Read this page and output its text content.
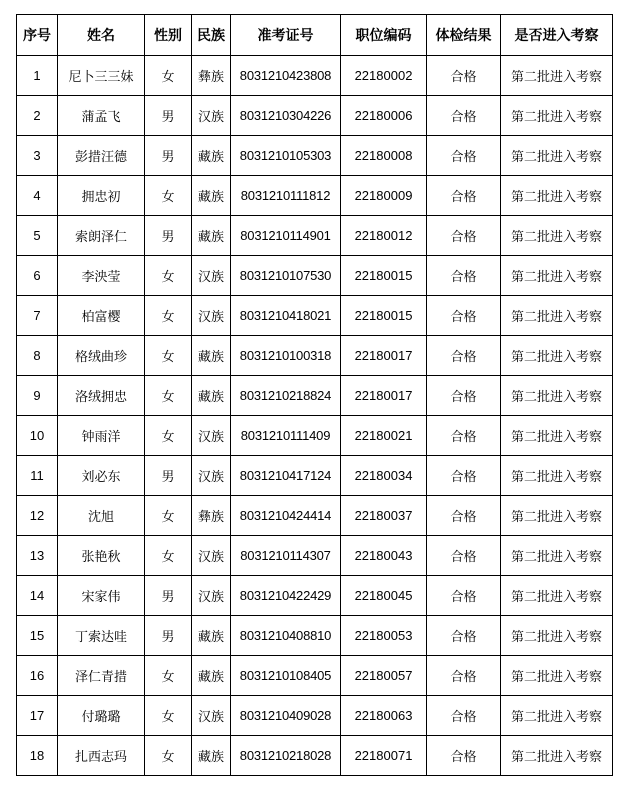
序号	姓名	性别	民族	准考证号	职位编码	体检结果	是否进入考察
1	尼卜三三妹	女	彝族	8031210423808	22180002	合格	第二批进入考察
2	蒲孟飞	男	汉族	8031210304226	22180006	合格	第二批进入考察
3	彭措汪德	男	藏族	8031210105303	22180008	合格	第二批进入考察
4	拥忠初	女	藏族	8031210111812	22180009	合格	第二批进入考察
5	索朗泽仁	男	藏族	8031210114901	22180012	合格	第二批进入考察
6	李泱莹	女	汉族	8031210107530	22180015	合格	第二批进入考察
7	柏富樱	女	汉族	8031210418021	22180015	合格	第二批进入考察
8	格绒曲珍	女	藏族	8031210100318	22180017	合格	第二批进入考察
9	洛绒拥忠	女	藏族	8031210218824	22180017	合格	第二批进入考察
10	钟雨洋	女	汉族	8031210111409	22180021	合格	第二批进入考察
11	刘必东	男	汉族	8031210417124	22180034	合格	第二批进入考察
12	沈旭	女	彝族	8031210424414	22180037	合格	第二批进入考察
13	张艳秋	女	汉族	8031210114307	22180043	合格	第二批进入考察
14	宋家伟	男	汉族	8031210422429	22180045	合格	第二批进入考察
15	丁索达哇	男	藏族	8031210408810	22180053	合格	第二批进入考察
16	泽仁青措	女	藏族	8031210108405	22180057	合格	第二批进入考察
17	付璐璐	女	汉族	8031210409028	22180063	合格	第二批进入考察
18	扎西志玛	女	藏族	8031210218028	22180071	合格	第二批进入考察
